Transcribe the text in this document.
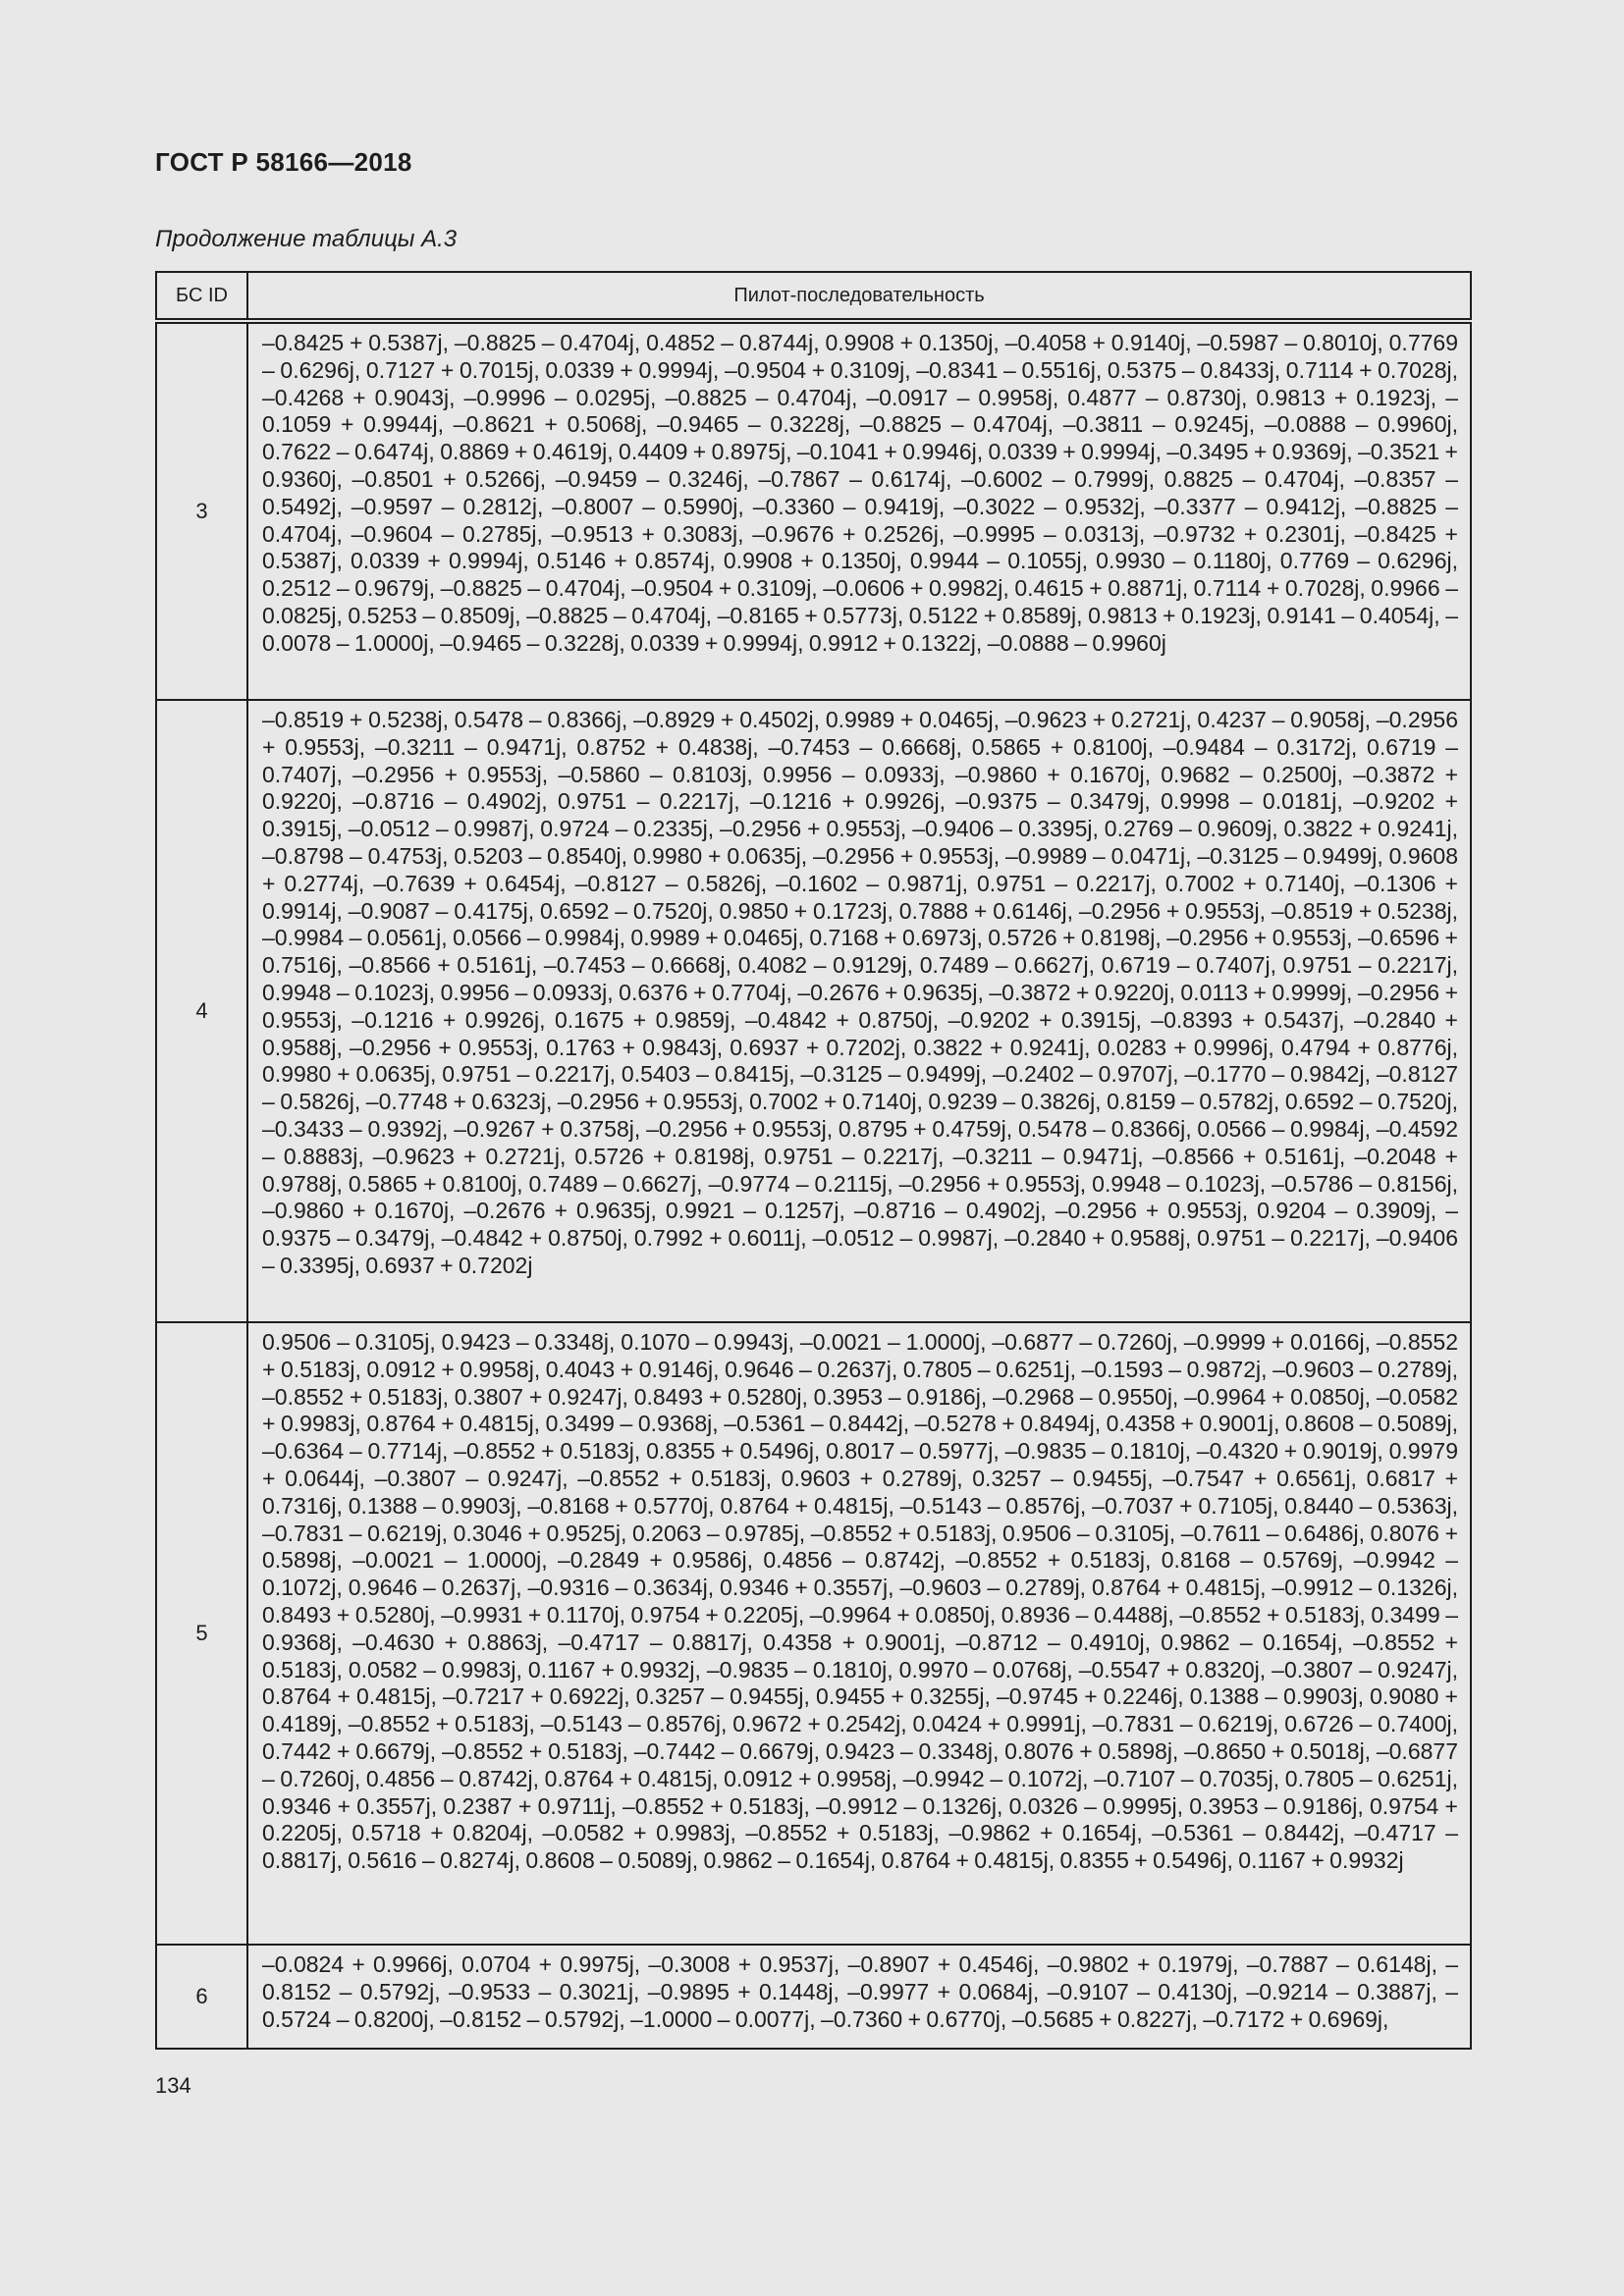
ГОСТ Р 58166—2018
Продолжение таблицы А.3
БС ID	Пилот-последовательность
3	–0.8425 + 0.5387j, –0.8825 – 0.4704j, 0.4852 – 0.8744j, 0.9908 + 0.1350j, –0.4058 + 0.9140j, –0.5987 – 0.8010j, 0.7769 – 0.6296j, 0.7127 + 0.7015j, 0.0339 + 0.9994j, –0.9504 + 0.3109j, –0.8341 – 0.5516j, 0.5375 – 0.8433j, 0.7114 + 0.7028j, –0.4268 + 0.9043j, –0.9996 – 0.0295j, –0.8825 – 0.4704j, –0.0917 – 0.9958j, 0.4877 – 0.8730j, 0.9813 + 0.1923j, –0.1059 + 0.9944j, –0.8621 + 0.5068j, –0.9465 – 0.3228j, –0.8825 – 0.4704j, –0.3811 – 0.9245j, –0.0888 – 0.9960j, 0.7622 – 0.6474j, 0.8869 + 0.4619j, 0.4409 + 0.8975j, –0.1041 + 0.9946j, 0.0339 + 0.9994j, –0.3495 + 0.9369j, –0.3521 + 0.9360j, –0.8501 + 0.5266j, –0.9459 – 0.3246j, –0.7867 – 0.6174j, –0.6002 – 0.7999j, 0.8825 – 0.4704j, –0.8357 – 0.5492j, –0.9597 – 0.2812j, –0.8007 – 0.5990j, –0.3360 – 0.9419j, –0.3022 – 0.9532j, –0.3377 – 0.9412j, –0.8825 – 0.4704j, –0.9604 – 0.2785j, –0.9513 + 0.3083j, –0.9676 + 0.2526j, –0.9995 – 0.0313j, –0.9732 + 0.2301j, –0.8425 + 0.5387j, 0.0339 + 0.9994j, 0.5146 + 0.8574j, 0.9908 + 0.1350j, 0.9944 – 0.1055j, 0.9930 – 0.1180j, 0.7769 – 0.6296j, 0.2512 – 0.9679j, –0.8825 – 0.4704j, –0.9504 + 0.3109j, –0.0606 + 0.9982j, 0.4615 + 0.8871j, 0.7114 + 0.7028j, 0.9966 – 0.0825j, 0.5253 – 0.8509j, –0.8825 – 0.4704j, –0.8165 + 0.5773j, 0.5122 + 0.8589j, 0.9813 + 0.1923j, 0.9141 – 0.4054j, –0.0078 – 1.0000j, –0.9465 – 0.3228j, 0.0339 + 0.9994j, 0.9912 + 0.1322j, –0.0888 – 0.9960j
4	–0.8519 + 0.5238j, 0.5478 – 0.8366j, –0.8929 + 0.4502j, 0.9989 + 0.0465j, –0.9623 + 0.2721j, 0.4237 – 0.9058j, –0.2956 + 0.9553j, –0.3211 – 0.9471j, 0.8752 + 0.4838j, –0.7453 – 0.6668j, 0.5865 + 0.8100j, –0.9484 – 0.3172j, 0.6719 – 0.7407j, –0.2956 + 0.9553j, –0.5860 – 0.8103j, 0.9956 – 0.0933j, –0.9860 + 0.1670j, 0.9682 – 0.2500j, –0.3872 + 0.9220j, –0.8716 – 0.4902j, 0.9751 – 0.2217j, –0.1216 + 0.9926j, –0.9375 – 0.3479j, 0.9998 – 0.0181j, –0.9202 + 0.3915j, –0.0512 – 0.9987j, 0.9724 – 0.2335j, –0.2956 + 0.9553j, –0.9406 – 0.3395j, 0.2769 – 0.9609j, 0.3822 + 0.9241j, –0.8798 – 0.4753j, 0.5203 – 0.8540j, 0.9980 + 0.0635j, –0.2956 + 0.9553j, –0.9989 – 0.0471j, –0.3125 – 0.9499j, 0.9608 + 0.2774j, –0.7639 + 0.6454j, –0.8127 – 0.5826j, –0.1602 – 0.9871j, 0.9751 – 0.2217j, 0.7002 + 0.7140j, –0.1306 + 0.9914j, –0.9087 – 0.4175j, 0.6592 – 0.7520j, 0.9850 + 0.1723j, 0.7888 + 0.6146j, –0.2956 + 0.9553j, –0.8519 + 0.5238j, –0.9984 – 0.0561j, 0.0566 – 0.9984j, 0.9989 + 0.0465j, 0.7168 + 0.6973j, 0.5726 + 0.8198j, –0.2956 + 0.9553j, –0.6596 + 0.7516j, –0.8566 + 0.5161j, –0.7453 – 0.6668j, 0.4082 – 0.9129j, 0.7489 – 0.6627j, 0.6719 – 0.7407j, 0.9751 – 0.2217j, 0.9948 – 0.1023j, 0.9956 – 0.0933j, 0.6376 + 0.7704j, –0.2676 + 0.9635j, –0.3872 + 0.9220j, 0.0113 + 0.9999j, –0.2956 + 0.9553j, –0.1216 + 0.9926j, 0.1675 + 0.9859j, –0.4842 + 0.8750j, –0.9202 + 0.3915j, –0.8393 + 0.5437j, –0.2840 + 0.9588j, –0.2956 + 0.9553j, 0.1763 + 0.9843j, 0.6937 + 0.7202j, 0.3822 + 0.9241j, 0.0283 + 0.9996j, 0.4794 + 0.8776j, 0.9980 + 0.0635j, 0.9751 – 0.2217j, 0.5403 – 0.8415j, –0.3125 – 0.9499j, –0.2402 – 0.9707j, –0.1770 – 0.9842j, –0.8127 – 0.5826j, –0.7748 + 0.6323j, –0.2956 + 0.9553j, 0.7002 + 0.7140j, 0.9239 – 0.3826j, 0.8159 – 0.5782j, 0.6592 – 0.7520j, –0.3433 – 0.9392j, –0.9267 + 0.3758j, –0.2956 + 0.9553j, 0.8795 + 0.4759j, 0.5478 – 0.8366j, 0.0566 – 0.9984j, –0.4592 – 0.8883j, –0.9623 + 0.2721j, 0.5726 + 0.8198j, 0.9751 – 0.2217j, –0.3211 – 0.9471j, –0.8566 + 0.5161j, –0.2048 + 0.9788j, 0.5865 + 0.8100j, 0.7489 – 0.6627j, –0.9774 – 0.2115j, –0.2956 + 0.9553j, 0.9948 – 0.1023j, –0.5786 – 0.8156j, –0.9860 + 0.1670j, –0.2676 + 0.9635j, 0.9921 – 0.1257j, –0.8716 – 0.4902j, –0.2956 + 0.9553j, 0.9204 – 0.3909j, –0.9375 – 0.3479j, –0.4842 + 0.8750j, 0.7992 + 0.6011j, –0.0512 – 0.9987j, –0.2840 + 0.9588j, 0.9751 – 0.2217j, –0.9406 – 0.3395j, 0.6937 + 0.7202j
5	0.9506 – 0.3105j, 0.9423 – 0.3348j, 0.1070 – 0.9943j, –0.0021 – 1.0000j, –0.6877 – 0.7260j, –0.9999 + 0.0166j, –0.8552 + 0.5183j, 0.0912 + 0.9958j, 0.4043 + 0.9146j, 0.9646 – 0.2637j, 0.7805 – 0.6251j, –0.1593 – 0.9872j, –0.9603 – 0.2789j, –0.8552 + 0.5183j, 0.3807 + 0.9247j, 0.8493 + 0.5280j, 0.3953 – 0.9186j, –0.2968 – 0.9550j, –0.9964 + 0.0850j, –0.0582 + 0.9983j, 0.8764 + 0.4815j, 0.3499 – 0.9368j, –0.5361 – 0.8442j, –0.5278 + 0.8494j, 0.4358 + 0.9001j, 0.8608 – 0.5089j, –0.6364 – 0.7714j, –0.8552 + 0.5183j, 0.8355 + 0.5496j, 0.8017 – 0.5977j, –0.9835 – 0.1810j, –0.4320 + 0.9019j, 0.9979 + 0.0644j, –0.3807 – 0.9247j, –0.8552 + 0.5183j, 0.9603 + 0.2789j, 0.3257 – 0.9455j, –0.7547 + 0.6561j, 0.6817 + 0.7316j, 0.1388 – 0.9903j, –0.8168 + 0.5770j, 0.8764 + 0.4815j, –0.5143 – 0.8576j, –0.7037 + 0.7105j, 0.8440 – 0.5363j, –0.7831 – 0.6219j, 0.3046 + 0.9525j, 0.2063 – 0.9785j, –0.8552 + 0.5183j, 0.9506 – 0.3105j, –0.7611 – 0.6486j, 0.8076 + 0.5898j, –0.0021 – 1.0000j, –0.2849 + 0.9586j, 0.4856 – 0.8742j, –0.8552 + 0.5183j, 0.8168 – 0.5769j, –0.9942 – 0.1072j, 0.9646 – 0.2637j, –0.9316 – 0.3634j, 0.9346 + 0.3557j, –0.9603 – 0.2789j, 0.8764 + 0.4815j, –0.9912 – 0.1326j, 0.8493 + 0.5280j, –0.9931 + 0.1170j, 0.9754 + 0.2205j, –0.9964 + 0.0850j, 0.8936 – 0.4488j, –0.8552 + 0.5183j, 0.3499 – 0.9368j, –0.4630 + 0.8863j, –0.4717 – 0.8817j, 0.4358 + 0.9001j, –0.8712 – 0.4910j, 0.9862 – 0.1654j, –0.8552 + 0.5183j, 0.0582 – 0.9983j, 0.1167 + 0.9932j, –0.9835 – 0.1810j, 0.9970 – 0.0768j, –0.5547 + 0.8320j, –0.3807 – 0.9247j, 0.8764 + 0.4815j, –0.7217 + 0.6922j, 0.3257 – 0.9455j, 0.9455 + 0.3255j, –0.9745 + 0.2246j, 0.1388 – 0.9903j, 0.9080 + 0.4189j, –0.8552 + 0.5183j, –0.5143 – 0.8576j, 0.9672 + 0.2542j, 0.0424 + 0.9991j, –0.7831 – 0.6219j, 0.6726 – 0.7400j, 0.7442 + 0.6679j, –0.8552 + 0.5183j, –0.7442 – 0.6679j, 0.9423 – 0.3348j, 0.8076 + 0.5898j, –0.8650 + 0.5018j, –0.6877 – 0.7260j, 0.4856 – 0.8742j, 0.8764 + 0.4815j, 0.0912 + 0.9958j, –0.9942 – 0.1072j, –0.7107 – 0.7035j, 0.7805 – 0.6251j, 0.9346 + 0.3557j, 0.2387 + 0.9711j, –0.8552 + 0.5183j, –0.9912 – 0.1326j, 0.0326 – 0.9995j, 0.3953 – 0.9186j, 0.9754 + 0.2205j, 0.5718 + 0.8204j, –0.0582 + 0.9983j, –0.8552 + 0.5183j, –0.9862 + 0.1654j, –0.5361 – 0.8442j, –0.4717 – 0.8817j, 0.5616 – 0.8274j, 0.8608 – 0.5089j, 0.9862 – 0.1654j, 0.8764 + 0.4815j, 0.8355 + 0.5496j, 0.1167 + 0.9932j
6	–0.0824 + 0.9966j, 0.0704 + 0.9975j, –0.3008 + 0.9537j, –0.8907 + 0.4546j, –0.9802 + 0.1979j, –0.7887 – 0.6148j, –0.8152 – 0.5792j, –0.9533 – 0.3021j, –0.9895 + 0.1448j, –0.9977 + 0.0684j, –0.9107 – 0.4130j, –0.9214 – 0.3887j, –0.5724 – 0.8200j, –0.8152 – 0.5792j, –1.0000 – 0.0077j, –0.7360 + 0.6770j, –0.5685 + 0.8227j, –0.7172 + 0.6969j,
134
